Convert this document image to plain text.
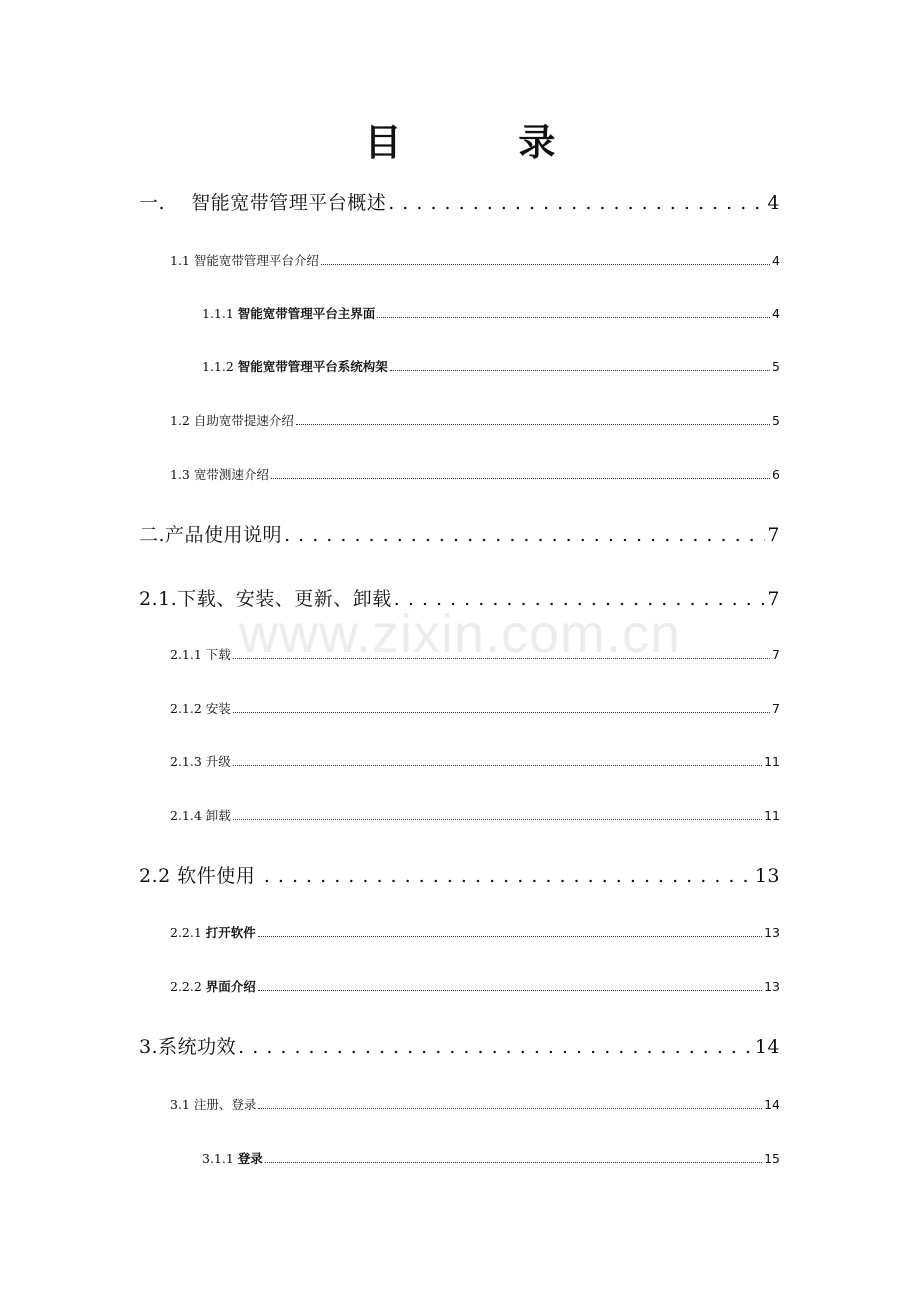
目 录
www.zixin.com.cn
一. 智能宽带管理平台概述 . . .	4
1.1 智能宽带管理平台介绍	4
1.1.1 智能宽带管理平台主界面	4
1.1.2 智能宽带管理平台系统构架	5
1.2 自助宽带提速介绍	5
1.3 宽带测速介绍	6
二. 产品使用说明 . . .	7
2.1. 下载、安装、更新、卸载 . . .	7
2.1.1 下载	7
2.1.2 安装	7
2.1.3 升级	11
2.1.4 卸载	11
2.2 软件使用 . . .	13
2.2.1 打开软件	13
2.2.2 界面介绍	13
3. 系统功效 . . .	14
3.1 注册、登录	14
3.1.1 登录	15
